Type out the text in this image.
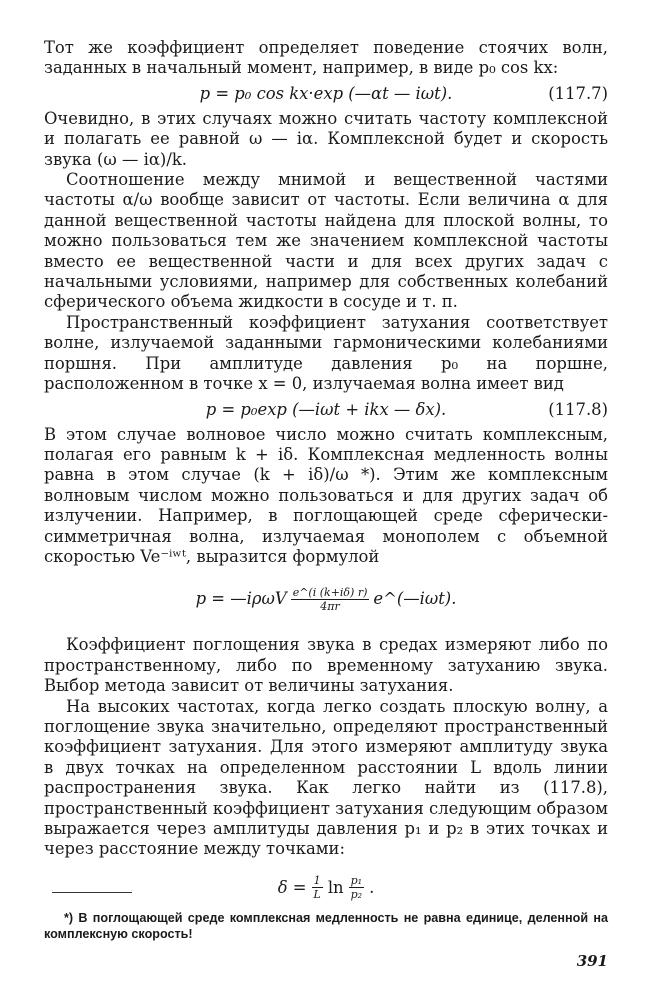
Тот же коэффициент определяет поведение стоячих волн, заданных в начальный момент, например, в виде p₀ cos kx:

p = p₀ cos kx·exp (—αt — iωt).	(117.7)

Очевидно, в этих случаях можно считать частоту комплексной и полагать ее равной ω — iα. Комплексной будет и скорость звука (ω — iα)/k.

Соотношение между мнимой и вещественной частями частоты α/ω вообще зависит от частоты. Если величина α для данной вещественной частоты найдена для плоской волны, то можно пользоваться тем же значением комплексной частоты вместо ее вещественной части и для всех других задач с начальными условиями, например для собственных колебаний сферического объема жидкости в сосуде и т. п.

Пространственный коэффициент затухания соответствует волне, излучаемой заданными гармоническими колебаниями поршня. При амплитуде давления p₀ на поршне, расположенном в точке x = 0, излучаемая волна имеет вид

p = p₀exp (—iωt + ikx — δx).	(117.8)

В этом случае волновое число можно считать комплексным, полагая его равным k + iδ. Комплексная медленность волны равна в этом случае (k + iδ)/ω *). Этим же комплексным волновым числом можно пользоваться и для других задач об излучении. Например, в поглощающей среде сферически-симметричная волна, излучаемая монополем с объемной скоростью Ve⁻ⁱʷᵗ, выразится формулой

p = —iρωV $\frac{e\^{}(i (k+i\delta) r)}{4\pi r}$ e^(—iωt).

Коэффициент поглощения звука в средах измеряют либо по пространственному, либо по временному затуханию звука. Выбор метода зависит от величины затухания.

На высоких частотах, когда легко создать плоскую волну, а поглощение звука значительно, определяют пространственный коэффициент затухания. Для этого измеряют амплитуду звука в двух точках на определенном расстоянии L вдоль линии распространения звука. Как легко найти из (117.8), пространственный коэффициент затухания следующим образом выражается через амплитуды давления p₁ и p₂ в этих точках и через расстояние между точками:

$\delta = \frac{1}{L}$ $\ln \frac{\text{p₁}}{\text{p₂}}$ .
*) В поглощающей среде комплексная медленность не равна единице, деленной на комплексную скорость!
391
